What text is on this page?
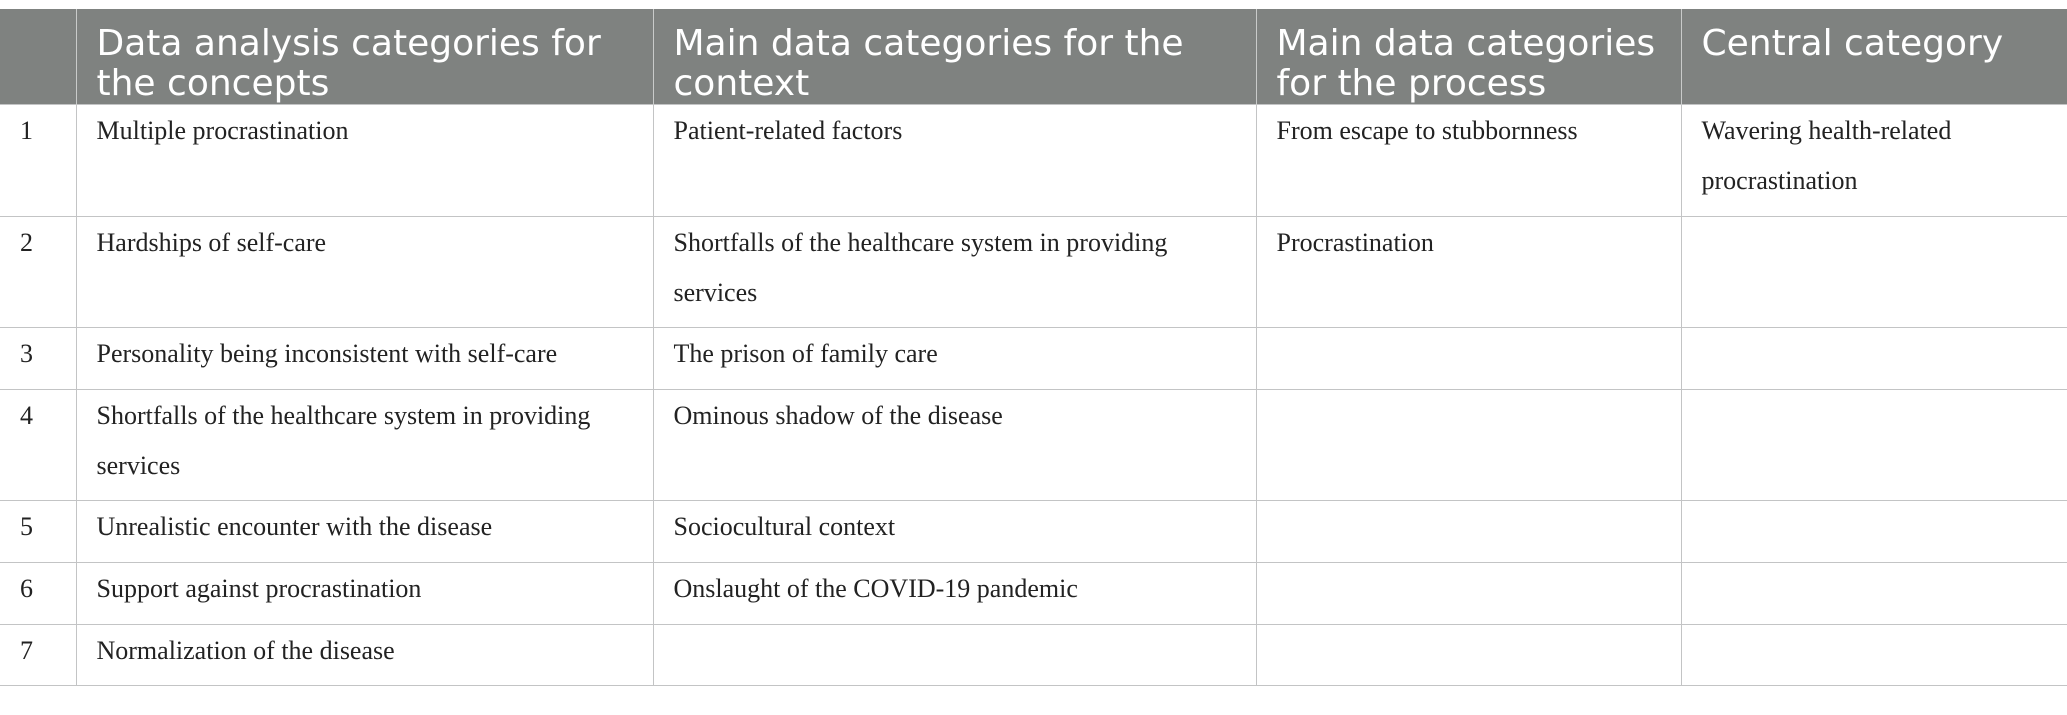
	Data analysis categories for the concepts	Main data categories for the context	Main data categories for the process	Central category
1	Multiple procrastination	Patient-related factors	From escape to stubbornness	Wavering health-related procrastination
2	Hardships of self-care	Shortfalls of the healthcare system in providing services	Procrastination	
3	Personality being inconsistent with self-care	The prison of family care		
4	Shortfalls of the healthcare system in providing services	Ominous shadow of the disease		
5	Unrealistic encounter with the disease	Sociocultural context		
6	Support against procrastination	Onslaught of the COVID-19 pandemic		
7	Normalization of the disease			
